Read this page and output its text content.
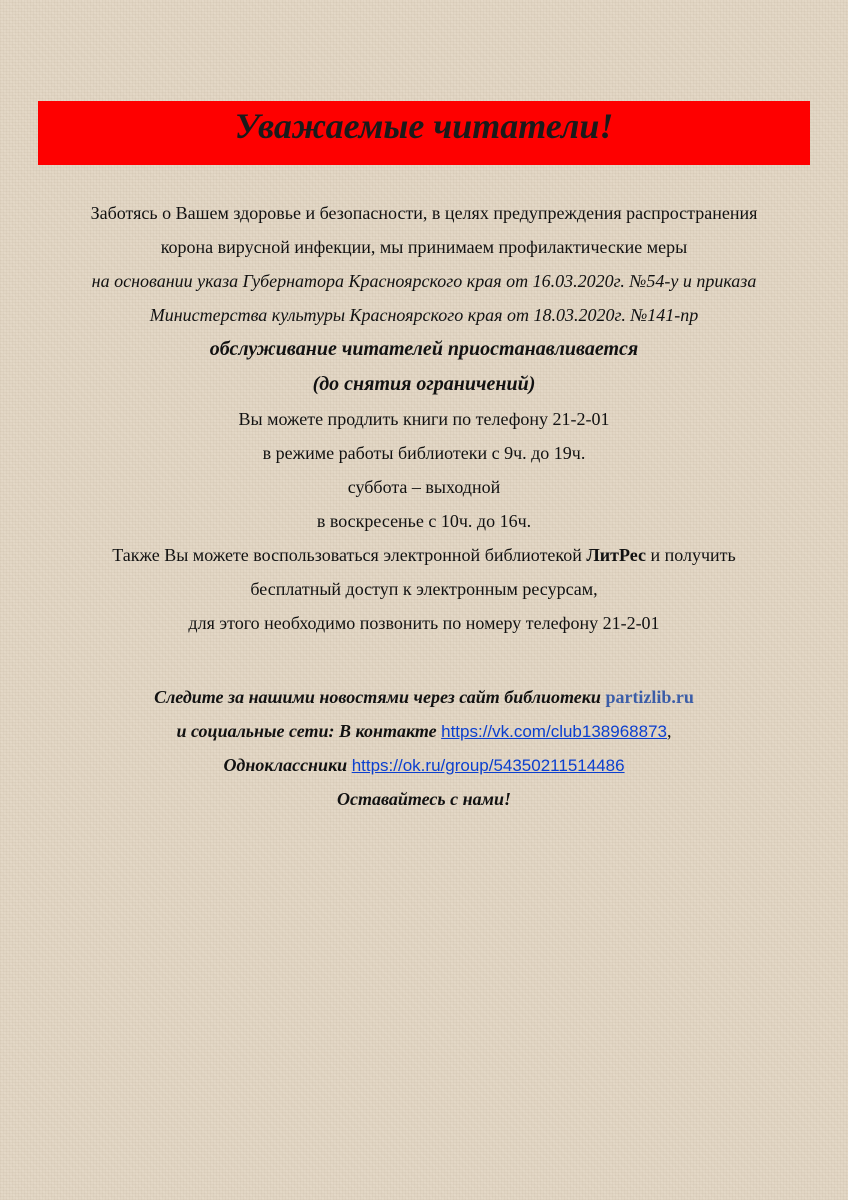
Уважаемые читатели!
Заботясь о Вашем здоровье и безопасности, в целях предупреждения распространения
корона вирусной инфекции, мы принимаем профилактические меры
на основании указа Губернатора Красноярского края от 16.03.2020г. №54-у и приказа
Министерства культуры Красноярского края от 18.03.2020г. №141-пр
обслуживание читателей приостанавливается
(до снятия ограничений)
Вы можете продлить книги по телефону 21-2-01
в режиме работы библиотеки с 9ч. до 19ч.
суббота – выходной
в воскресенье с 10ч. до 16ч.
Также Вы можете воспользоваться электронной библиотекой ЛитРес и получить
бесплатный доступ к электронным ресурсам,
для этого необходимо позвонить по номеру телефону 21-2-01
Следите за нашими новостями через сайт библиотеки partizlib.ru
и социальные сети: В контакте https://vk.com/club138968873,
Одноклассники https://ok.ru/group/54350211514486
Оставайтесь с нами!
